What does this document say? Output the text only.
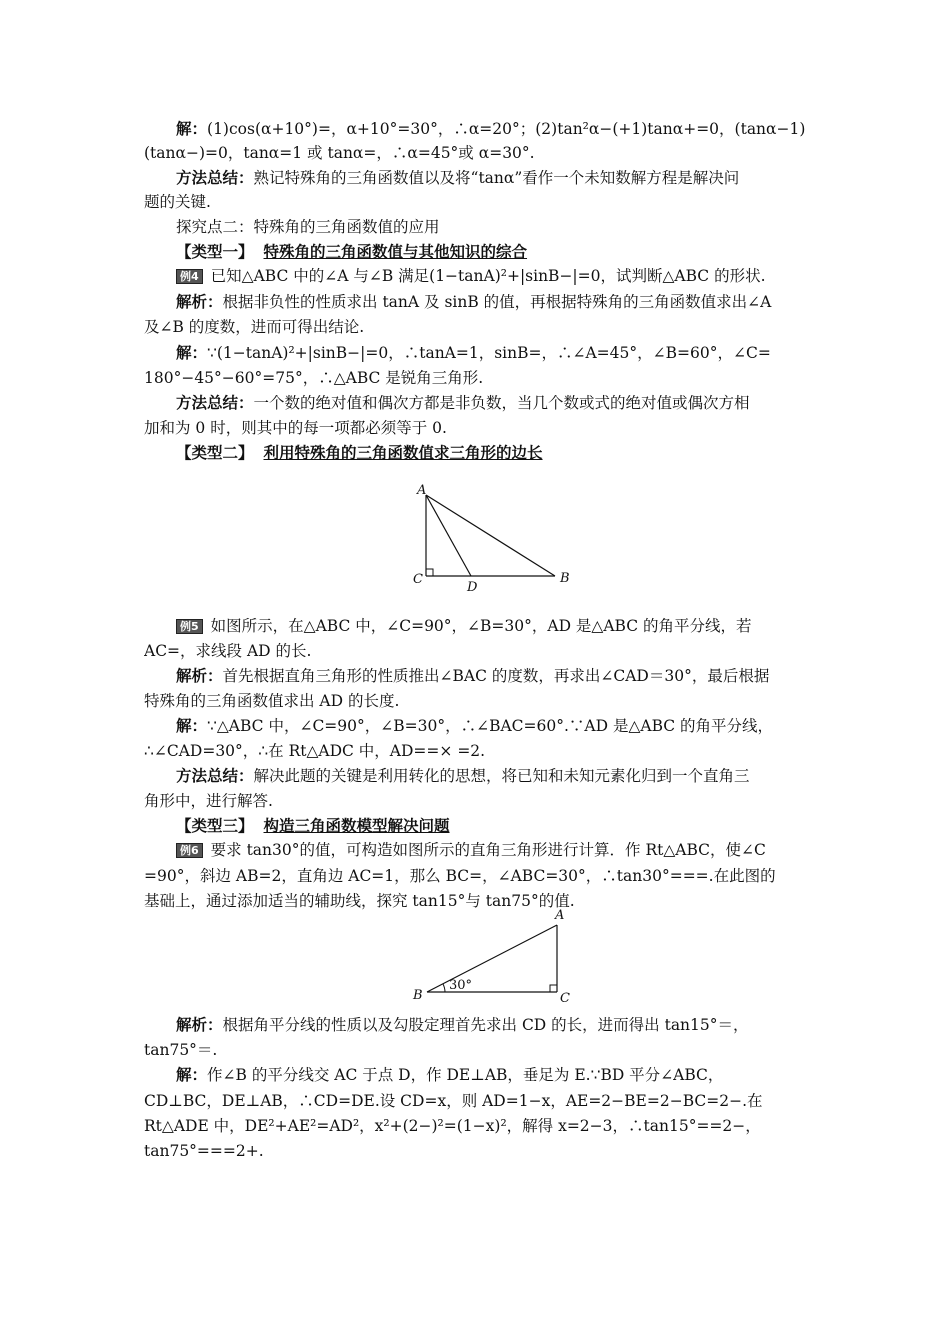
解：(1)cos(α+10°)=，α+10°=30°，∴α=20°；(2)tan²α−(+1)tanα+=0，(tanα−1)
(tanα−)=0，tanα=1 或 tanα=，∴α=45°或 α=30°.
方法总结：熟记特殊角的三角函数值以及将“tanα”看作一个未知数解方程是解决问
题的关键.
探究点二：特殊角的三角函数值的应用
【类型一】 特殊角的三角函数值与其他知识的综合
例4 已知△ABC 中的∠A 与∠B 满足(1−tanA)²+|sinB−|=0，试判断△ABC 的形状.
解析：根据非负性的性质求出 tanA 及 sinB 的值，再根据特殊角的三角函数值求出∠A
及∠B 的度数，进而可得出结论.
解：∵(1−tanA)²+|sinB−|=0，∴tanA=1，sinB=，∴∠A=45°，∠B=60°，∠C=
180°−45°−60°=75°，∴△ABC 是锐角三角形.
方法总结：一个数的绝对值和偶次方都是非负数，当几个数或式的绝对值或偶次方相
加和为 0 时，则其中的每一项都必须等于 0.
【类型二】 利用特殊角的三角函数值求三角形的边长
A
C
D
B
例5 如图所示，在△ABC 中，∠C=90°，∠B=30°，AD 是△ABC 的角平分线，若
AC=，求线段 AD 的长.
解析：首先根据直角三角形的性质推出∠BAC 的度数，再求出∠CAD＝30°，最后根据
特殊角的三角函数值求出 AD 的长度.
解：∵△ABC 中，∠C=90°，∠B=30°，∴∠BAC=60°.∵AD 是△ABC 的角平分线，
∴∠CAD=30°，∴在 Rt△ADC 中，AD==× =2.
方法总结：解决此题的关键是利用转化的思想，将已知和未知元素化归到一个直角三
角形中，进行解答.
【类型三】 构造三角函数模型解决问题
例6 要求 tan30°的值，可构造如图所示的直角三角形进行计算．作 Rt△ABC，使∠C
=90°，斜边 AB=2，直角边 AC=1，那么 BC=，∠ABC=30°，∴tan30°===.在此图的
基础上，通过添加适当的辅助线，探究 tan15°与 tan75°的值.
A
B	C
30°
解析：根据角平分线的性质以及勾股定理首先求出 CD 的长，进而得出 tan15°＝，
tan75°＝.
解：作∠B 的平分线交 AC 于点 D，作 DE⊥AB，垂足为 E.∵BD 平分∠ABC，
CD⊥BC，DE⊥AB，∴CD=DE.设 CD=x，则 AD=1−x，AE=2−BE=2−BC=2−.在
Rt△ADE 中，DE²+AE²=AD²，x²+(2−)²=(1−x)²，解得 x=2−3，∴tan15°==2−，
tan75°===2+.
